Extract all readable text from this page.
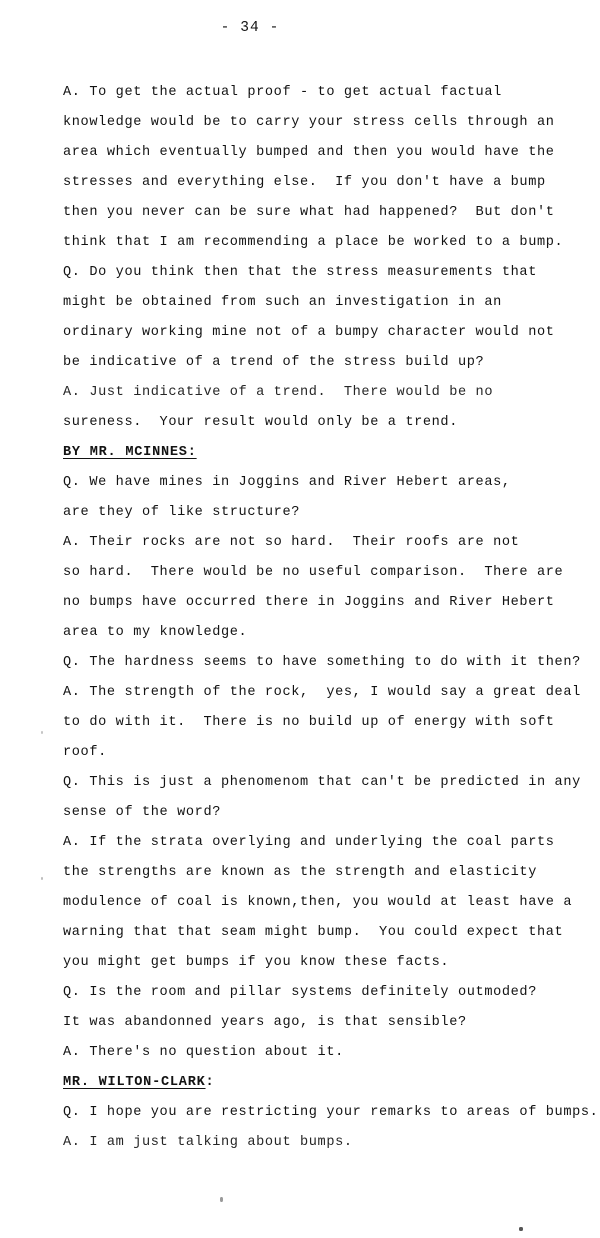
- 34 -
A. To get the actual proof - to get actual factual
knowledge would be to carry your stress cells through an
area which eventually bumped and then you would have the
stresses and everything else.  If you don't have a bump
then you never can be sure what had happened?  But don't
think that I am recommending a place be worked to a bump.
Q. Do you think then that the stress measurements that
might be obtained from such an investigation in an
ordinary working mine not of a bumpy character would not
be indicative of a trend of the stress build up?
A. Just indicative of a trend.  There would be no
sureness.  Your result would only be a trend.
BY MR. MCINNES:
Q. We have mines in Joggins and River Hebert areas,
are they of like structure?
A. Their rocks are not so hard.  Their roofs are not
so hard.  There would be no useful comparison.  There are
no bumps have occurred there in Joggins and River Hebert
area to my knowledge.
Q. The hardness seems to have something to do with it then?
A. The strength of the rock,  yes, I would say a great deal
to do with it.  There is no build up of energy with soft
roof.
Q. This is just a phenomenom that can't be predicted in any
sense of the word?
A. If the strata overlying and underlying the coal parts
the strengths are known as the strength and elasticity
modulence of coal is known,then, you would at least have a
warning that that seam might bump.  You could expect that
you might get bumps if you know these facts.
Q. Is the room and pillar systems definitely outmoded?
It was abandonned years ago, is that sensible?
A. There's no question about it.
MR. WILTON-CLARK:
Q. I hope you are restricting your remarks to areas of bumps.
A. I am just talking about bumps.
